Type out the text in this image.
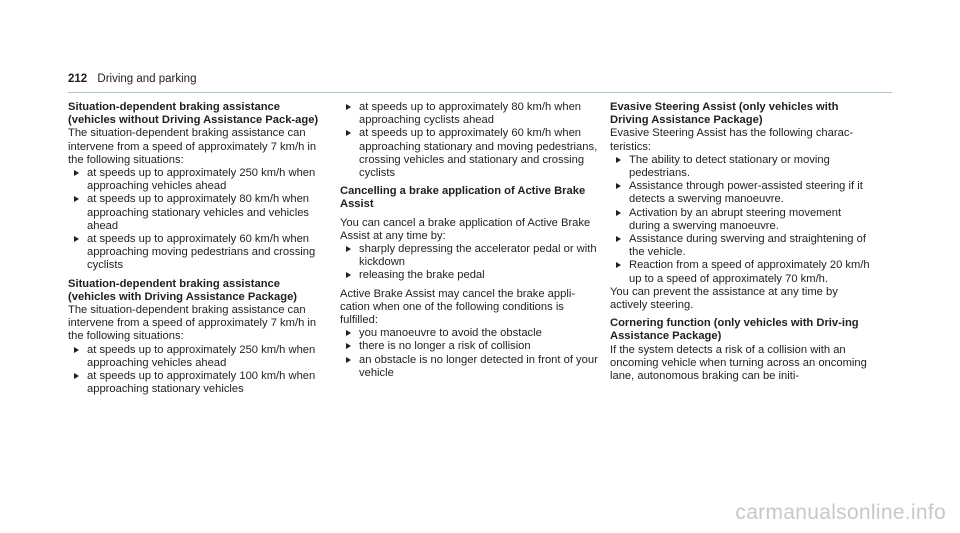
212 Driving and parking
Situation-dependent braking assistance (vehicles without Driving Assistance Pack-age)

The situation-dependent braking assistance can intervene from a speed of approximately 7 km/h in the following situations:

at speeds up to approximately 250 km/h when approaching vehicles ahead
at speeds up to approximately 80 km/h when approaching stationary vehicles and vehicles ahead
at speeds up to approximately 60 km/h when approaching moving pedestrians and crossing cyclists
Situation-dependent braking assistance (vehicles with Driving Assistance Package)

The situation-dependent braking assistance can intervene from a speed of approximately 7 km/h in the following situations:

at speeds up to approximately 250 km/h when approaching vehicles ahead
at speeds up to approximately 100 km/h when approaching stationary vehicles
at speeds up to approximately 80 km/h when approaching cyclists ahead
at speeds up to approximately 60 km/h when approaching stationary and moving pedestrians, crossing vehicles and stationary and crossing cyclists
Cancelling a brake application of Active Brake Assist

You can cancel a brake application of Active Brake Assist at any time by:

sharply depressing the accelerator pedal or with kickdown
releasing the brake pedal

Active Brake Assist may cancel the brake appli-cation when one of the following conditions is fulfilled:

you manoeuvre to avoid the obstacle
there is no longer a risk of collision
an obstacle is no longer detected in front of your vehicle
Evasive Steering Assist (only vehicles with Driving Assistance Package)

Evasive Steering Assist has the following charac-teristics:

The ability to detect stationary or moving pedestrians.
Assistance through power-assisted steering if it detects a swerving manoeuvre.
Activation by an abrupt steering movement during a swerving manoeuvre.
Assistance during swerving and straightening of the vehicle.
Reaction from a speed of approximately 20 km/h up to a speed of approximately 70 km/h.

You can prevent the assistance at any time by actively steering.

Cornering function (only vehicles with Driv-ing Assistance Package)

If the system detects a risk of a collision with an oncoming vehicle when turning across an oncoming lane, autonomous braking can be initi-

carmanualsonline.info
